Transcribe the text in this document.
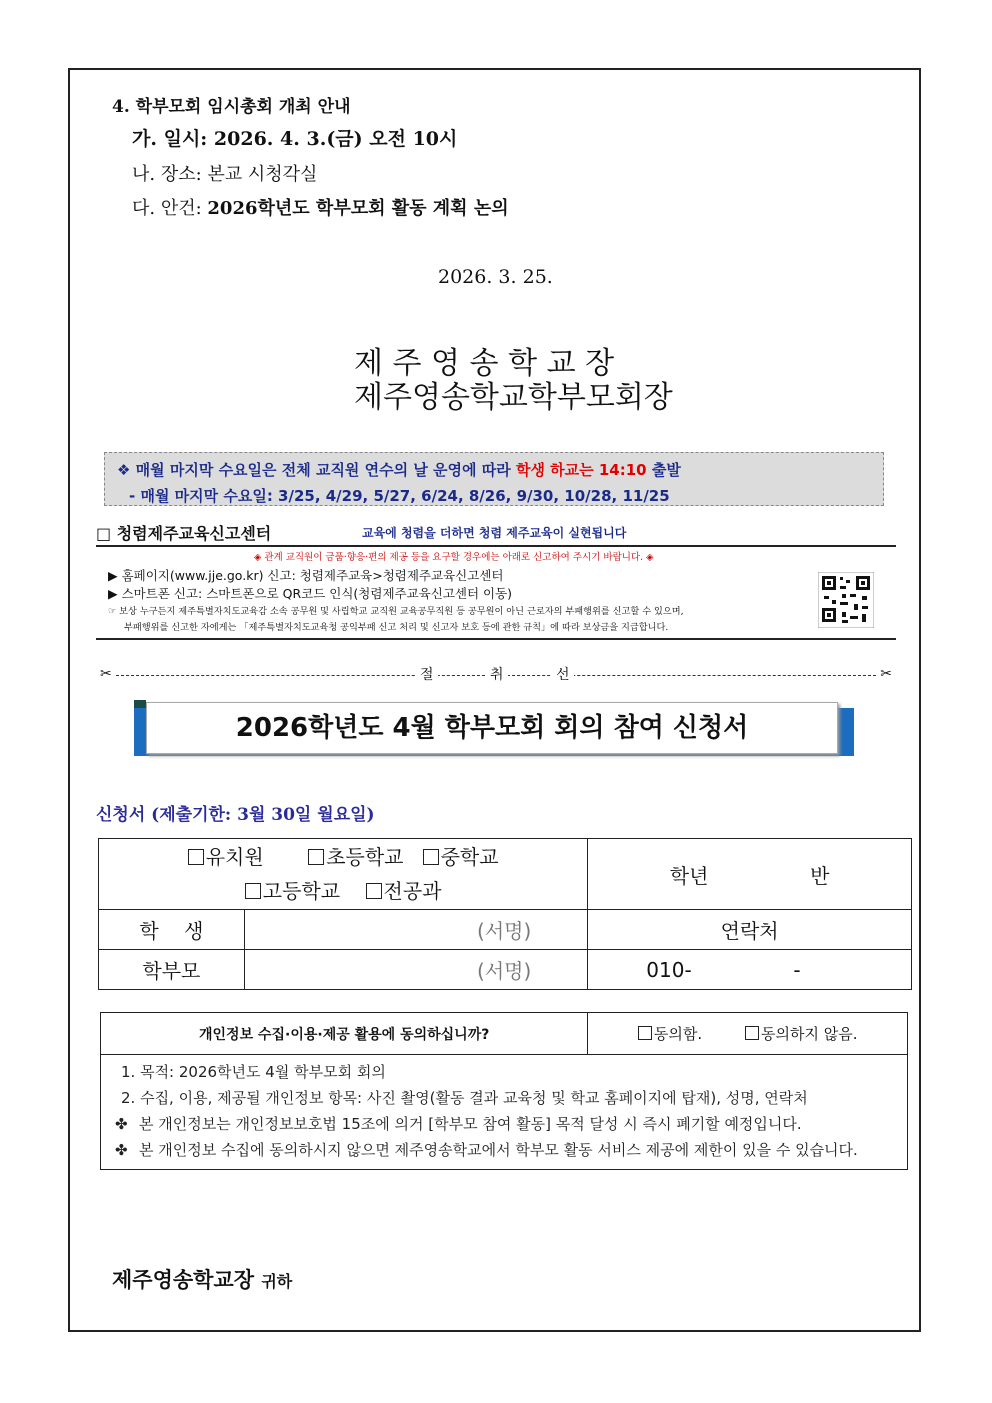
4. 학부모회 임시총회 개최 안내
가. 일시: 2026. 4. 3.(금) 오전 10시
나. 장소: 본교 시청각실
다. 안건: 2026학년도 학부모회 활동 계획 논의
2026. 3. 25.
제 주 영 송 학 교 장
제주영송학교학부모회장
❖ 매월 마지막 수요일은 전체 교직원 연수의 날 운영에 따라 학생 하교는 14:10 출발
- 매월 마지막 수요일: 3/25, 4/29, 5/27, 6/24, 8/26, 9/30, 10/28, 11/25
□ 청렴제주교육신고센터	교육에 청렴을 더하면 청렴 제주교육이 실현됩니다
◈ 관계 교직원이 금품·향응·편의 제공 등을 요구할 경우에는 아래로 신고하여 주시기 바랍니다. ◈
▶ 홈페이지(www.jje.go.kr) 신고: 청렴제주교육>청렴제주교육신고센터
▶ 스마트폰 신고: 스마트폰으로 QR코드 인식(청렴제주교육신고센터 이동)
☞ 보상 누구든지 제주특별자치도교육감 소속 공무원 및 사립학교 교직원 교육공무직원 등 공무원이 아닌 근로자의 부패행위를 신고할 수 있으며,
부패행위를 신고한 자에게는 「제주특별자치도교육청 공익부패 신고 처리 및 신고자 보호 등에 관한 규칙」에 따라 보상금을 지급합니다.
✂	절	취	선	✂
2026학년도 4월 학부모회 회의 참여 신청서
신청서 (제출기한: 3월 30일 월요일)
유치원 초등학교 중학교
고등학교 전공과		학년 반
학    생	(서명)	연락처
학부모	(서명)	010- -
개인정보 수집·이용·제공 활용에 동의하십니까?	동의함.	동의하지 않음.

1. 목적: 2026학년도 4월 학부모회 회의
2. 수집, 이용, 제공될 개인정보 항목: 사진 촬영(활동 결과 교육청 및 학교 홈페이지에 탑재), 성명, 연락처
✤ 본 개인정보는 개인정보보호법 15조에 의거 [학부모 참여 활동] 목적 달성 시 즉시 폐기할 예정입니다.
✤ 본 개인정보 수집에 동의하시지 않으면 제주영송학교에서 학부모 활동 서비스 제공에 제한이 있을 수 있습니다.
제주영송학교장 귀하
